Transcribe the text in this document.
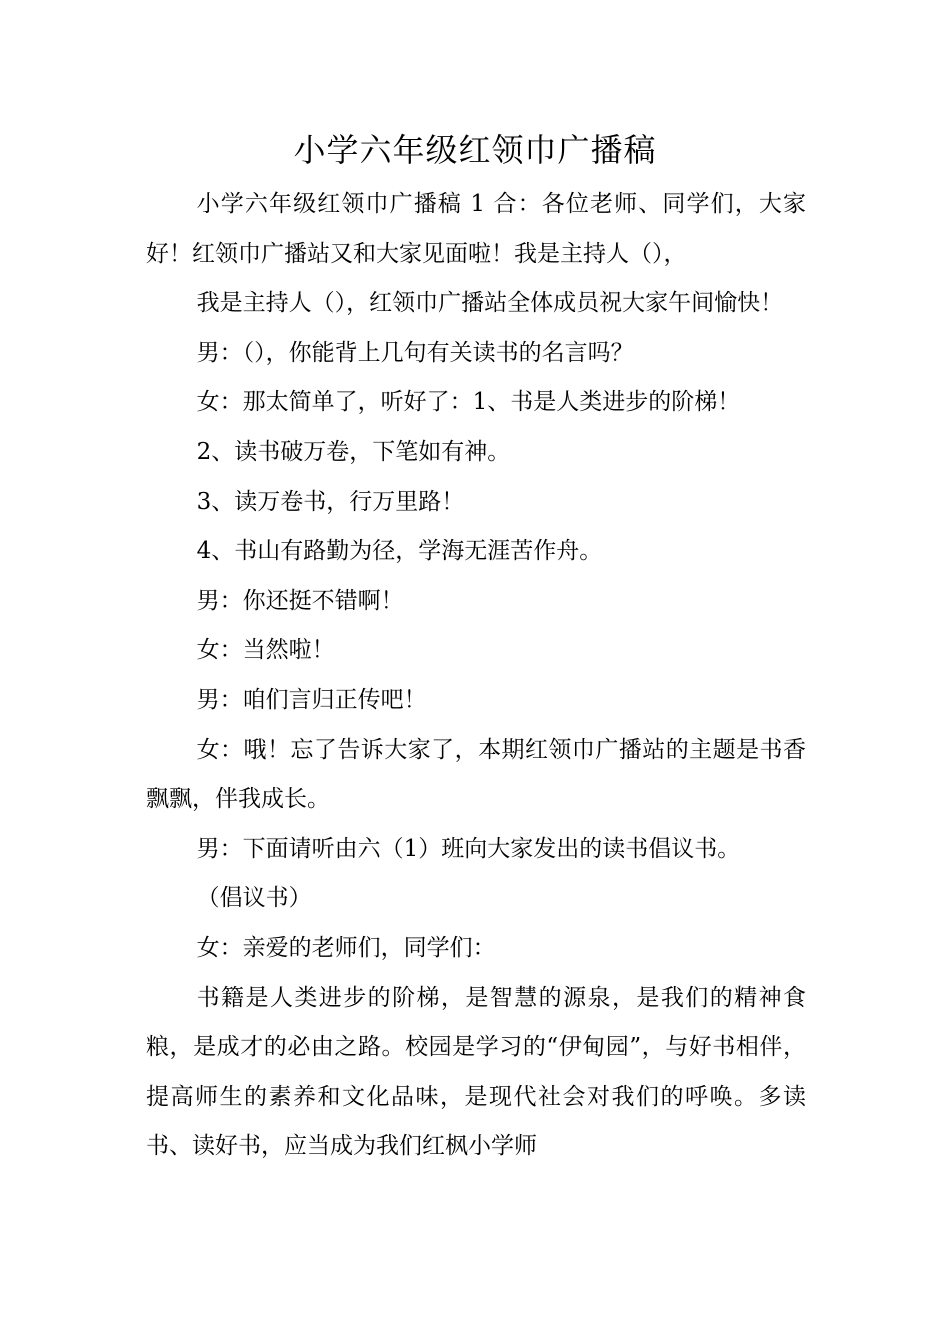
小学六年级红领巾广播稿

小学六年级红领巾广播稿 1 合：各位老师、同学们，大家好！红领巾广播站又和大家见面啦！我是主持人（），

我是主持人（），红领巾广播站全体成员祝大家午间愉快！

男：（），你能背上几句有关读书的名言吗？

女：那太简单了，听好了：1、书是人类进步的阶梯！

2、读书破万卷，下笔如有神。

3、读万卷书，行万里路！

4、书山有路勤为径，学海无涯苦作舟。

男：你还挺不错啊！

女：当然啦！

男：咱们言归正传吧！

女：哦！忘了告诉大家了，本期红领巾广播站的主题是书香飘飘，伴我成长。

男：下面请听由六（1）班向大家发出的读书倡议书。

（倡议书）

女：亲爱的老师们，同学们：

书籍是人类进步的阶梯，是智慧的源泉，是我们的精神食粮，是成才的必由之路。校园是学习的“伊甸园”，与好书相伴，提高师生的素养和文化品味，是现代社会对我们的呼唤。多读书、读好书，应当成为我们红枫小学师
